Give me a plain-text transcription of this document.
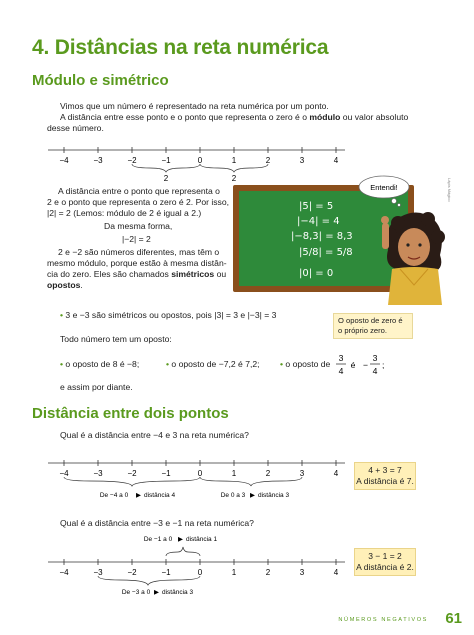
4. Distâncias na reta numérica
Módulo e simétrico
Vimos que um número é representado na reta numérica por um ponto.
A distância entre esse ponto e o ponto que representa o zero é o módulo ou valor absoluto
desse número.
−4	−3	−2	−1	0	1	2	3	4
2	2
A distância entre o ponto que representa o
2 e o ponto que representa o zero é 2. Por isso,
|2| = 2 (Lemos: módulo de 2 é igual a 2.)
Da mesma forma,
|−2| = 2
2 e −2 são números diferentes, mas têm o
mesmo módulo, porque estão à mesma distân-
cia do zero. Eles são chamados simétricos ou
opostos.
|5| = 5
|−4| = 4
|−8,3| = 8,3
|5/8| = 5/8
|0| = 0
Entendi!	Lápis Mágico
• 3 e −3 são simétricos ou opostos, pois |3| = 3 e |−3| = 3
O oposto de zero é o próprio zero.
Todo número tem um oposto:
• o oposto de 8 é −8;	• o oposto de −7,2 é 7,2; • o oposto de
3
4
é −
3
4
;
e assim por diante.
Distância entre dois pontos
Qual é a distância entre −4 e 3 na reta numérica?
−4	−3	−2	−1	0	1	2	3	4
De −4 a 0 ▶ distância 4	De 0 a 3 ▶ distância 3
4 + 3 = 7
A distância é 7.
Qual é a distância entre −3 e −1 na reta numérica?
De −1 a 0 ▶ distância 1
−4	−3	−2	−1	0	1	2	3	4
De −3 a 0 ▶ distância 3
3 − 1 = 2
A distância é 2.
NÚMEROS NEGATIVOS 61
